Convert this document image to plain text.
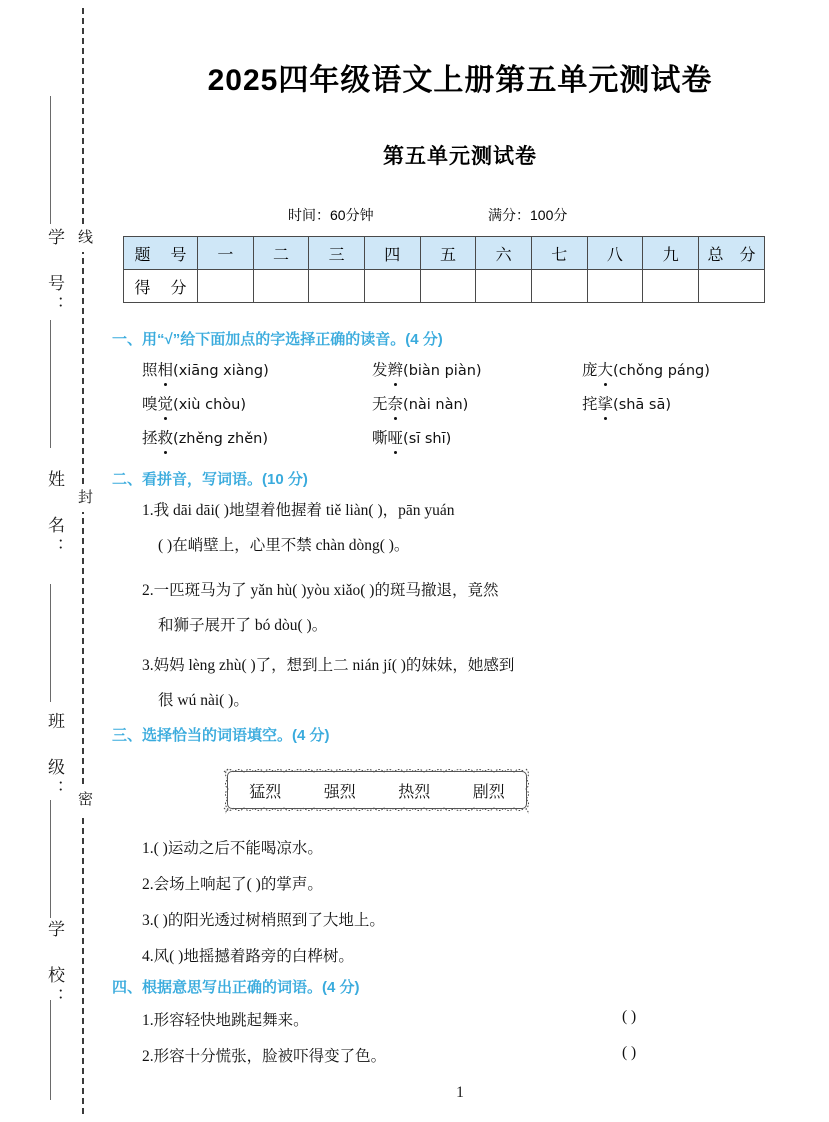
学 号：
姓 名：
班 级：
学 校：
线
封
密
2025四年级语文上册第五单元测试卷
第五单元测试卷
时间：60分钟	满分：100分
题 号	一	二	三	四	五	六	七	八	九	总 分
得 分										
一、用“√”给下面加点的字选择正确的读音。(4 分)
照相(xiāng xiàng)	发辫(biàn piàn)	庞大(chǒng páng)
嗅觉(xiù chòu)	无奈(nài nàn)	挓挲(shā sā)
拯救(zhěng zhěn)	嘶哑(sī shī)
二、看拼音，写词语。(10 分)
1.我 dāi dāi( )地望着他握着 tiě liàn( )，pān yuán
( )在峭壁上，心里不禁 chàn dòng( )。
2.一匹斑马为了 yǎn hù( )yòu xiǎo( )的斑马撤退，竟然
和狮子展开了 bó dòu( )。
3.妈妈 lèng zhù( )了，想到上二 nián jí( )的妹妹，她感到
很 wú nài( )。
三、选择恰当的词语填空。(4 分)
猛烈	强烈	热烈	剧烈
1.( )运动之后不能喝凉水。
2.会场上响起了( )的掌声。
3.( )的阳光透过树梢照到了大地上。
4.风( )地摇撼着路旁的白桦树。
四、根据意思写出正确的词语。(4 分)
1.形容轻快地跳起舞来。	( )
2.形容十分慌张，脸被吓得变了色。	( )
1
